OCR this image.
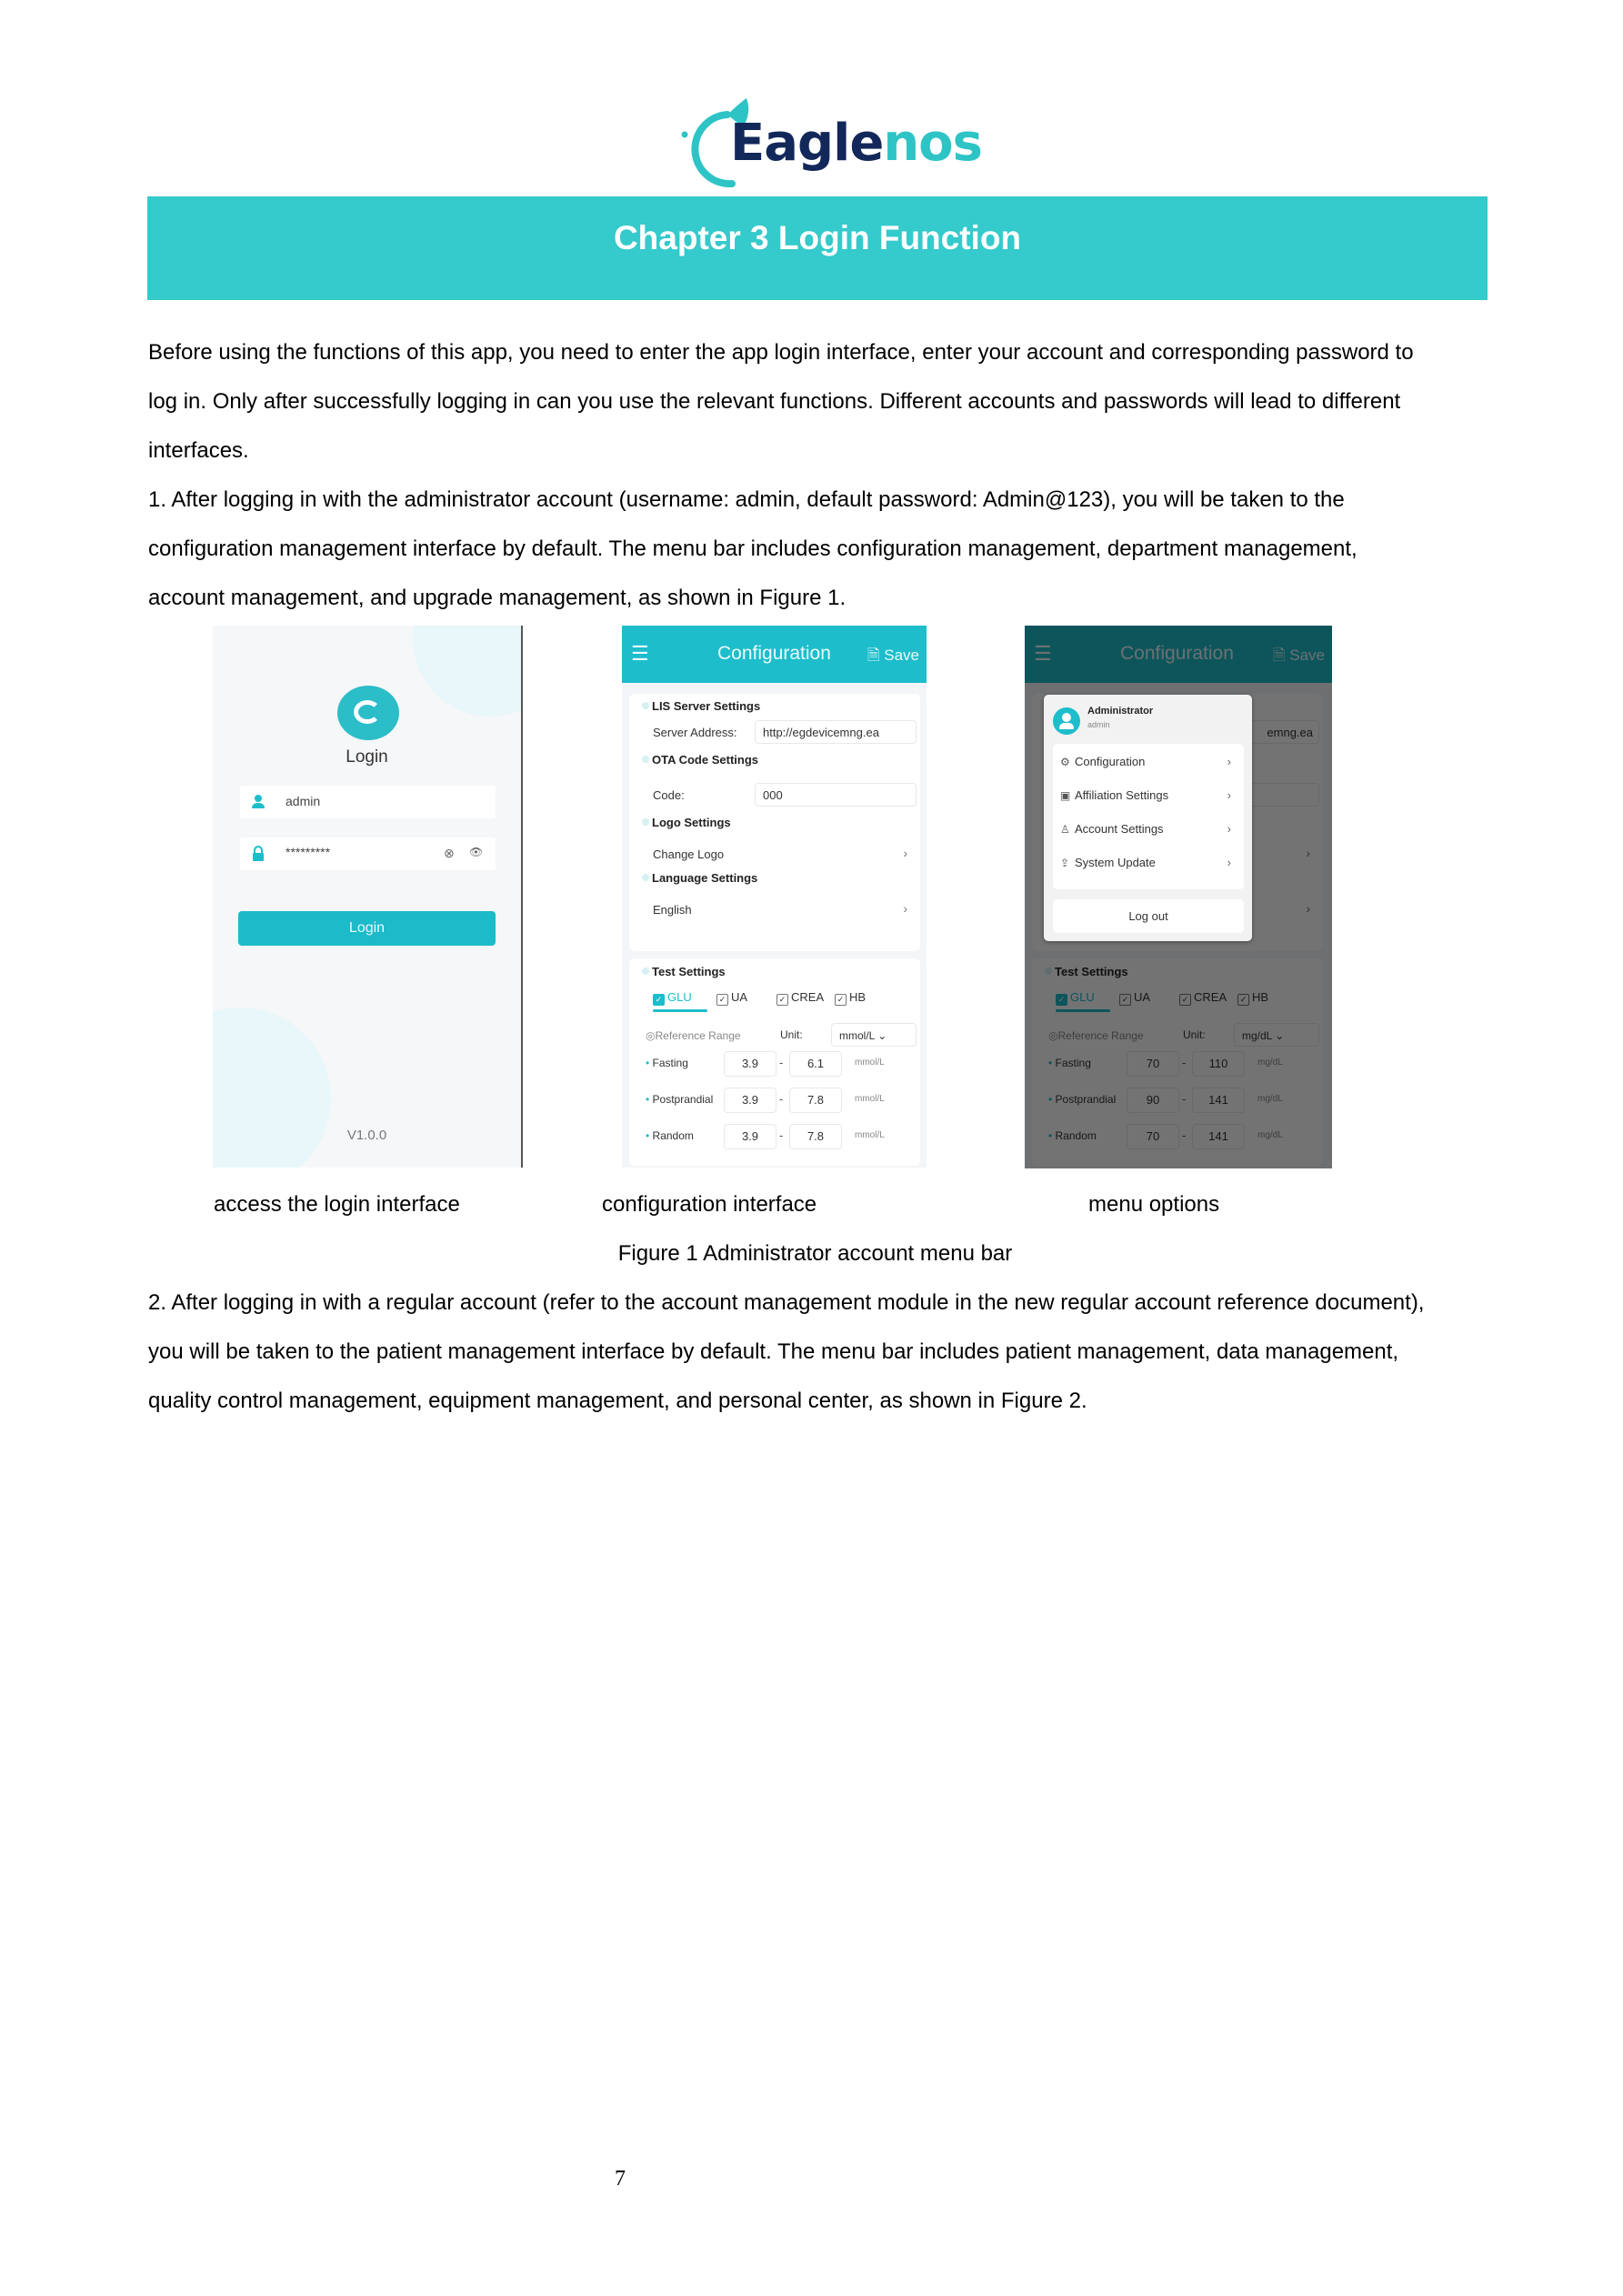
Eaglenos
Chapter 3 Login Function
Before using the functions of this app, you need to enter the app login interface, enter your account and corresponding password to
log in. Only after successfully logging in can you use the relevant functions. Different accounts and passwords will lead to different
interfaces.
1. After logging in with the administrator account (username: admin, default password: Admin@123), you will be taken to the
configuration management interface by default. The menu bar includes configuration management, department management,
account management, and upgrade management, as shown in Figure 1.
Login
admin
*********	⊗ 👁
Login
V1.0.0
☰	Configuration 🗎 Save
LIS Server Settings
Server Address:	http://egdevicemng.ea
OTA Code Settings
Code:	000
Logo Settings
Change Logo	›
Language Settings
English	›
Test Settings
✓ GLU	✓ UA	✓ CREA	✓ HB
◎Reference Range	Unit:	mmol/L ⌄
• Fasting	3.9	-	6.1	mmol/L
• Postprandial	3.9	-	7.8	mmol/L
• Random	3.9	-	7.8	mmol/L
Administrator
admin
⚙ Configuration	›
▣ Affiliation Settings	›
♙ Account Settings	›
⇪ System Update	›
Log out
access the login interface	configuration interface	menu options
Figure 1 Administrator account menu bar
2. After logging in with a regular account (refer to the account management module in the new regular account reference document),
you will be taken to the patient management interface by default. The menu bar includes patient management, data management,
quality control management, equipment management, and personal center, as shown in Figure 2.
7
